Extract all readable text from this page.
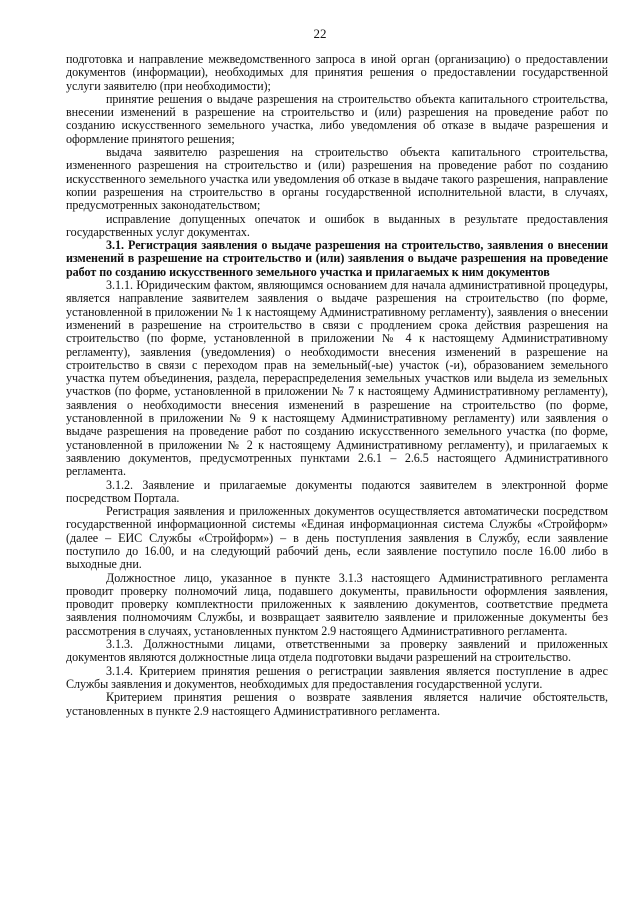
22

подготовка и направление межведомственного запроса в иной орган (организацию) о предоставлении документов (информации), необходимых для принятия решения о предоставлении государственной услуги заявителю (при необходимости);

принятие решения о выдаче разрешения на строительство объекта капитального строительства, внесении изменений в разрешение на строительство и (или) разрешения на проведение работ по созданию искусственного земельного участка, либо уведомления об отказе в выдаче разрешения и оформление принятого решения;

выдача заявителю разрешения на строительство объекта капитального строительства, измененного разрешения на строительство и (или) разрешения на проведение работ по созданию искусственного земельного участка или уведомления об отказе в выдаче такого разрешения, направление копии разрешения на строительство в органы государственной исполнительной власти, в случаях, предусмотренных законодательством;

исправление допущенных опечаток и ошибок в выданных в результате предоставления государственных услуг документах.

3.1. Регистрация заявления о выдаче разрешения на строительство, заявления о внесении изменений в разрешение на строительство и (или) заявления о выдаче разрешения на проведение работ по созданию искусственного земельного участка и прилагаемых к ним документов

3.1.1. Юридическим фактом, являющимся основанием для начала административной процедуры, является направление заявителем заявления о выдаче разрешения на строительство (по форме, установленной в приложении № 1 к настоящему Административному регламенту), заявления о внесении изменений в разрешение на строительство в связи с продлением срока действия разрешения на строительство (по форме, установленной в приложении № 4 к настоящему Административному регламенту), заявления (уведомления) о необходимости внесения изменений в разрешение на строительство в связи с переходом прав на земельный(-ые) участок (-и), образованием земельного участка путем объединения, раздела, перераспределения земельных участков или выдела из земельных участков (по форме, установленной в приложении № 7 к настоящему Административному регламенту), заявления о необходимости внесения изменений в разрешение на строительство (по форме, установленной в приложении № 9 к настоящему Административному регламенту) или заявления о выдаче разрешения на проведение работ по созданию искусственного земельного участка (по форме, установленной в приложении № 2 к настоящему Административному регламенту), и прилагаемых к заявлению документов, предусмотренных пунктами 2.6.1 – 2.6.5 настоящего Административного регламента.

3.1.2. Заявление и прилагаемые документы подаются заявителем в электронной форме посредством Портала.

Регистрация заявления и приложенных документов осуществляется автоматически посредством государственной информационной системы «Единая информационная система Службы «Стройформ» (далее – ЕИС Службы «Стройформ») – в день поступления заявления в Службу, если заявление поступило до 16.00, и на следующий рабочий день, если заявление поступило после 16.00 либо в выходные дни.

Должностное лицо, указанное в пункте 3.1.3 настоящего Административного регламента проводит проверку полномочий лица, подавшего документы, правильности оформления заявления, проводит проверку комплектности приложенных к заявлению документов, соответствие предмета заявления полномочиям Службы, и возвращает заявителю заявление и приложенные документы без рассмотрения в случаях, установленных пунктом 2.9 настоящего Административного регламента.

3.1.3. Должностными лицами, ответственными за проверку заявлений и приложенных документов являются должностные лица отдела подготовки выдачи разрешений на строительство.

3.1.4. Критерием принятия решения о регистрации заявления является поступление в адрес Службы заявления и документов, необходимых для предоставления государственной услуги.

Критерием принятия решения о возврате заявления является наличие обстоятельств, установленных в пункте 2.9 настоящего Административного регламента.
